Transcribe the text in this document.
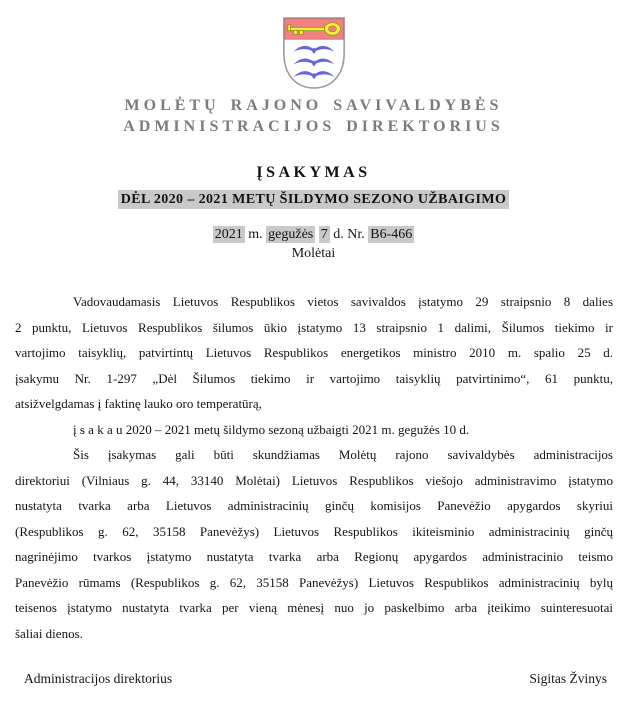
MOLĖTŲ RAJONO SAVIVALDYBĖS
ADMINISTRACIJOS DIREKTORIUS
ĮSAKYMAS
DĖL 2020 – 2021 METŲ ŠILDYMO SEZONO UŽBAIGIMO
2021 m. gegužės 7 d. Nr. B6-466
Molėtai
Vadovaudamasis Lietuvos Respublikos vietos savivaldos įstatymo 29 straipsnio 8 dalies
2 punktu, Lietuvos Respublikos šilumos ūkio įstatymo 13 straipsnio 1 dalimi, Šilumos tiekimo ir
vartojimo taisyklių, patvirtintų Lietuvos Respublikos energetikos ministro 2010 m. spalio 25 d.
įsakymu Nr. 1-297 „Dėl Šilumos tiekimo ir vartojimo taisyklių patvirtinimo“, 61 punktu,
atsižvelgdamas į faktinę lauko oro temperatūrą,
į s a k a u 2020 – 2021 metų šildymo sezoną užbaigti 2021 m. gegužės 10 d.
Šis įsakymas gali būti skundžiamas Molėtų rajono savivaldybės administracijos
direktoriui (Vilniaus g. 44, 33140 Molėtai) Lietuvos Respublikos viešojo administravimo įstatymo
nustatyta tvarka arba Lietuvos administracinių ginčų komisijos Panevėžio apygardos skyriui
(Respublikos g. 62, 35158 Panevėžys) Lietuvos Respublikos ikiteisminio administracinių ginčų
nagrinėjimo tvarkos įstatymo nustatyta tvarka arba Regionų apygardos administracinio teismo
Panevėžio rūmams (Respublikos g. 62, 35158 Panevėžys) Lietuvos Respublikos administracinių bylų
teisenos įstatymo nustatyta tvarka per vieną mėnesį nuo jo paskelbimo arba įteikimo suinteresuotai
šaliai dienos.
Administracijos direktorius	Sigitas Žvinys
